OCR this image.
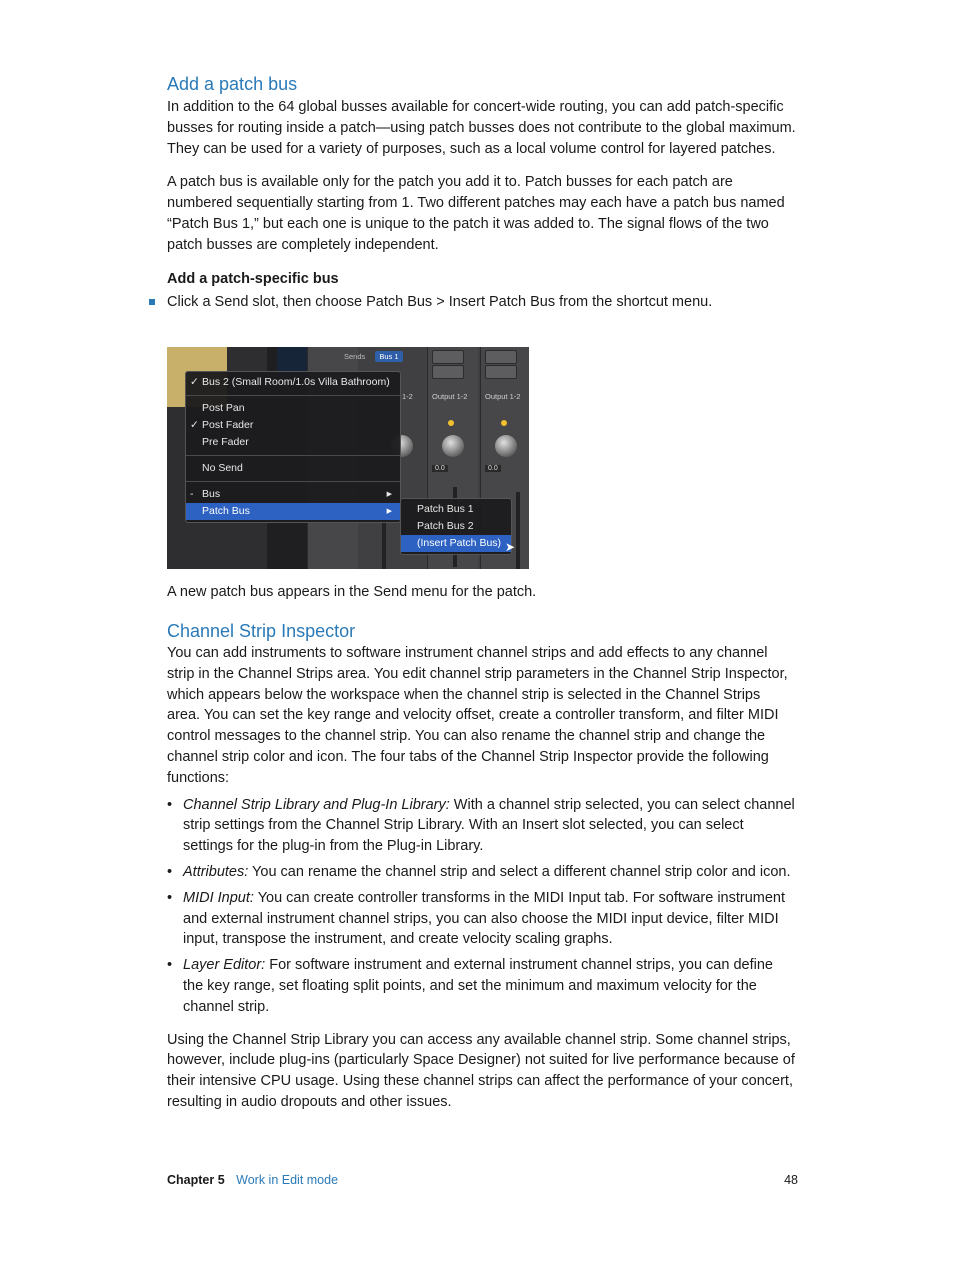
Add a patch bus

In addition to the 64 global busses available for concert-wide routing, you can add patch-specific busses for routing inside a patch—using patch busses does not contribute to the global maximum. They can be used for a variety of purposes, such as a local volume control for layered patches.

A patch bus is available only for the patch you add it to. Patch busses for each patch are numbered sequentially starting from 1. Two different patches may each have a patch bus named “Patch Bus 1,” but each one is unique to the patch it was added to. The signal flows of the two patch busses are completely independent.

Add a patch-specific bus

Click a Send slot, then choose Patch Bus > Insert Patch Bus from the shortcut menu.

Output 1-2
0.0
Output 1-2
0.0
1-2
Sends	Bus 1
✓ Bus 2 (Small Room/1.0s Villa Bathroom)
Post Pan
✓ Post Fader
Pre Fader
No Send
- Bus	▶
Patch Bus	▶	Patch Bus 1
Patch Bus 2
(Insert Patch Bus) ➤

A new patch bus appears in the Send menu for the patch.

Channel Strip Inspector

You can add instruments to software instrument channel strips and add effects to any channel strip in the Channel Strips area. You edit channel strip parameters in the Channel Strip Inspector, which appears below the workspace when the channel strip is selected in the Channel Strips area. You can set the key range and velocity offset, create a controller transform, and filter MIDI control messages to the channel strip. You can also rename the channel strip and change the channel strip color and icon. The four tabs of the Channel Strip Inspector provide the following functions:

• Channel Strip Library and Plug-In Library: With a channel strip selected, you can select channel strip settings from the Channel Strip Library. With an Insert slot selected, you can select settings for the plug-in from the Plug-in Library.
• Attributes: You can rename the channel strip and select a different channel strip color and icon.
• MIDI Input: You can create controller transforms in the MIDI Input tab. For software instrument and external instrument channel strips, you can also choose the MIDI input device, filter MIDI input, transpose the instrument, and create velocity scaling graphs.
• Layer Editor: For software instrument and external instrument channel strips, you can define the key range, set floating split points, and set the minimum and maximum velocity for the channel strip.

Using the Channel Strip Library you can access any available channel strip. Some channel strips, however, include plug-ins (particularly Space Designer) not suited for live performance because of their intensive CPU usage. Using these channel strips can affect the performance of your concert, resulting in audio dropouts and other issues.

Chapter 5 Work in Edit mode	48
